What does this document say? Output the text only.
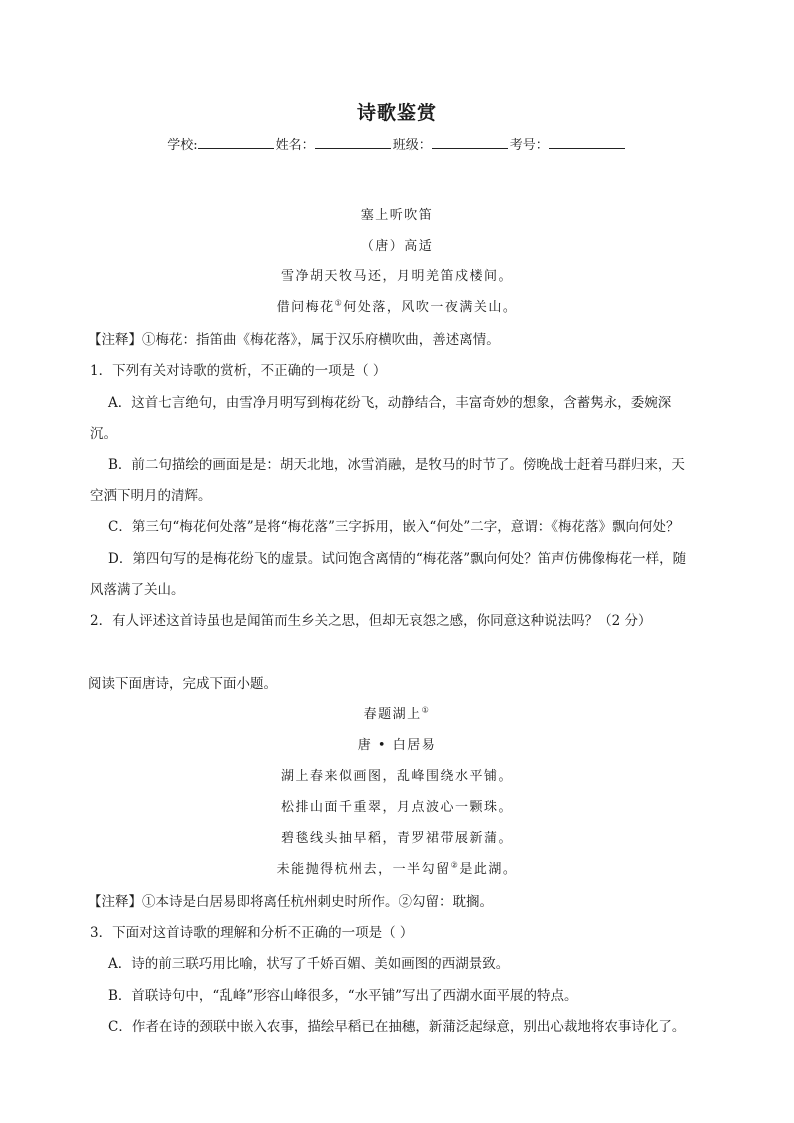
诗歌鉴赏
学校:	姓名：	班级：	考号：
塞上听吹笛
（唐）高适
雪净胡天牧马还，月明羌笛戍楼间。
借问梅花①何处落，风吹一夜满关山。
【注释】①梅花：指笛曲《梅花落》，属于汉乐府横吹曲，善述离情。
1．下列有关对诗歌的赏析，不正确的一项是（ ）
A．这首七言绝句，由雪净月明写到梅花纷飞，动静结合，丰富奇妙的想象，含蓄隽永，委婉深
沉。
B．前二句描绘的画面是是：胡天北地，冰雪消融，是牧马的时节了。傍晚战士赶着马群归来，天
空洒下明月的清辉。
C．第三句“梅花何处落”是将“梅花落”三字拆用，嵌入“何处”二字，意谓：《梅花落》飘向何处？
D．第四句写的是梅花纷飞的虚景。试问饱含离情的“梅花落”飘向何处？笛声仿佛像梅花一样，随
风落满了关山。
2．有人评述这首诗虽也是闻笛而生乡关之思，但却无哀怨之感，你同意这种说法吗？（2 分）
阅读下面唐诗，完成下面小题。
春题湖上①
唐 • 白居易
湖上春来似画图，乱峰围绕水平铺。
松排山面千重翠，月点波心一颗珠。
碧毯线头抽早稻，青罗裙带展新蒲。
未能抛得杭州去，一半勾留②是此湖。
【注释】①本诗是白居易即将离任杭州刺史时所作。②勾留：耽搁。
3．下面对这首诗歌的理解和分析不正确的一项是（ ）
A．诗的前三联巧用比喻，状写了千娇百媚、美如画图的西湖景致。
B．首联诗句中，“乱峰”形容山峰很多，“水平铺”写出了西湖水面平展的特点。
C．作者在诗的颈联中嵌入农事，描绘早稻已在抽穗，新蒲泛起绿意，别出心裁地将农事诗化了。
